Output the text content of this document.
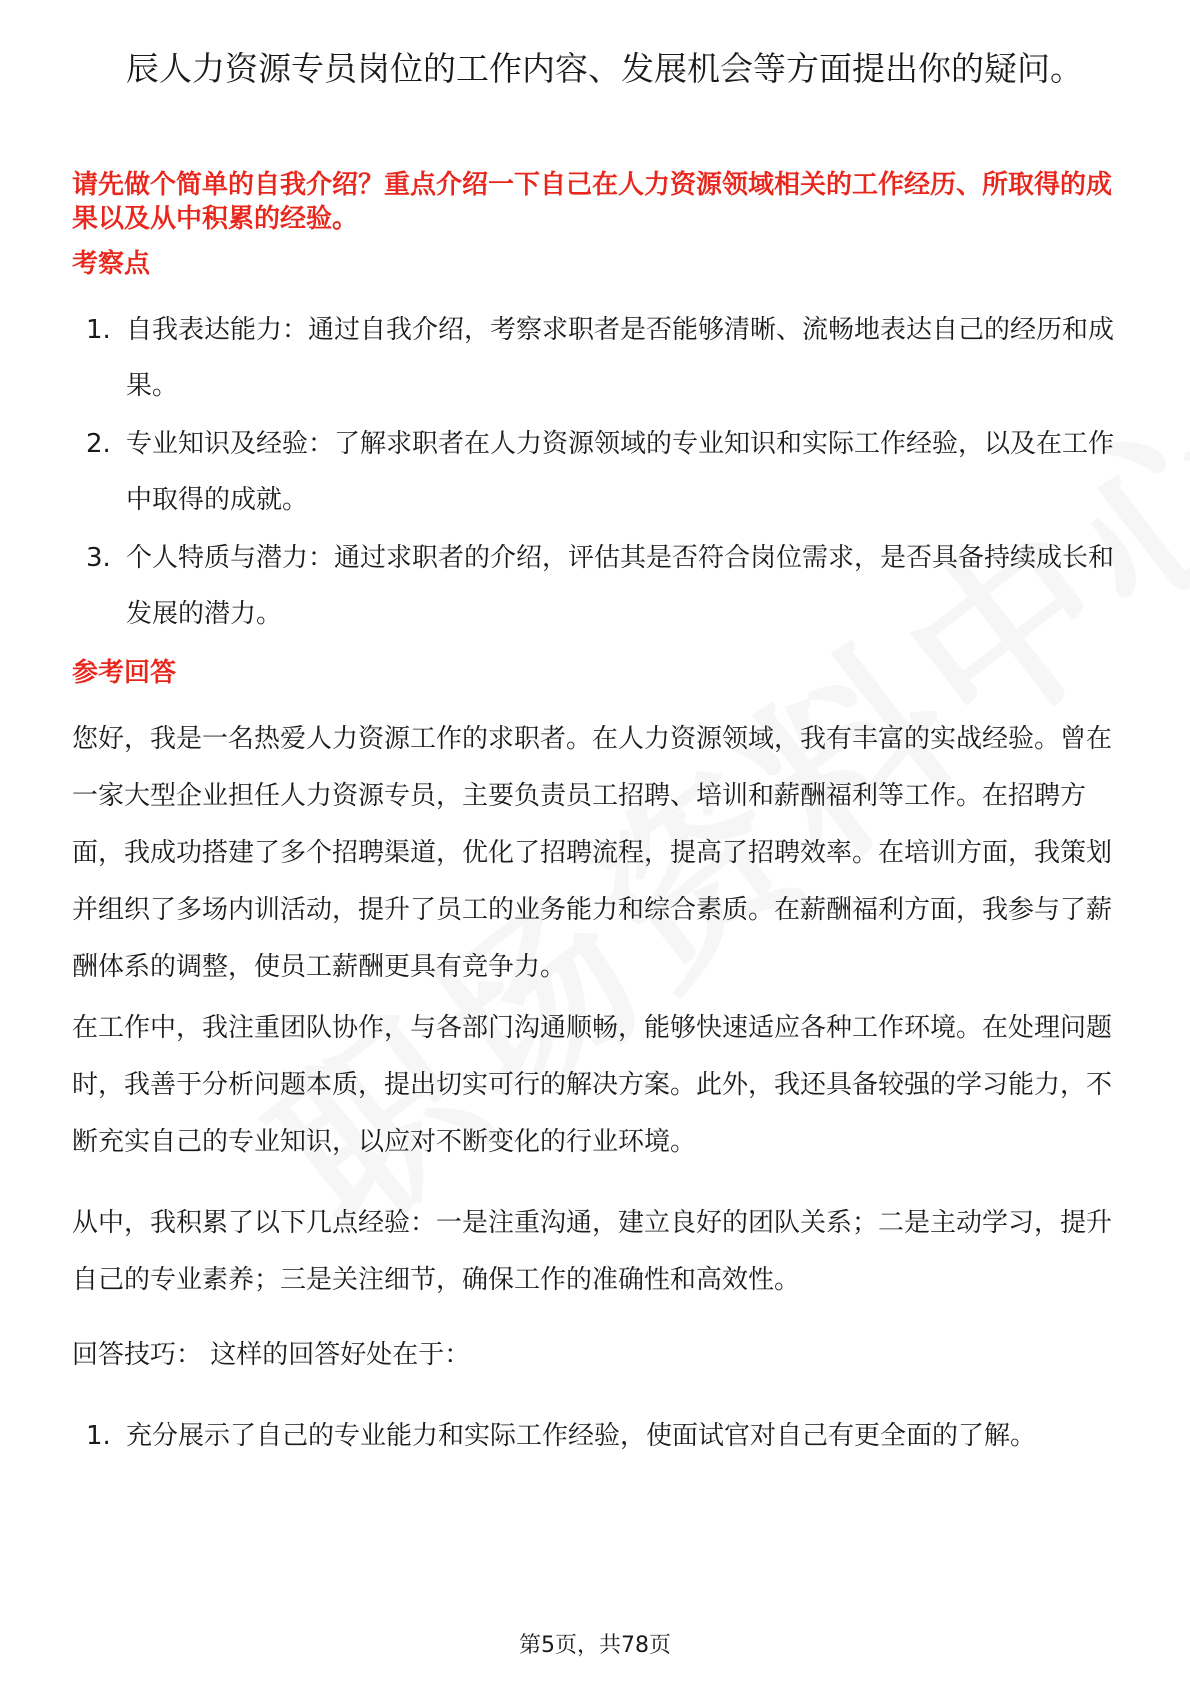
辰人力资源专员岗位的工作内容、发展机会等方面提出你的疑问。

请先做个简单的自我介绍？重点介绍一下自己在人力资源领域相关的工作经历、所取得的成果以及从中积累的经验。
考察点
1. 自我表达能力：通过自我介绍，考察求职者是否能够清晰、流畅地表达自己的经历和成果。
2. 专业知识及经验：了解求职者在人力资源领域的专业知识和实际工作经验，以及在工作中取得的成就。
3. 个人特质与潜力：通过求职者的介绍，评估其是否符合岗位需求，是否具备持续成长和发展的潜力。
参考回答

您好，我是一名热爱人力资源工作的求职者。在人力资源领域，我有丰富的实战经验。曾在一家大型企业担任人力资源专员，主要负责员工招聘、培训和薪酬福利等工作。在招聘方面，我成功搭建了多个招聘渠道，优化了招聘流程，提高了招聘效率。在培训方面，我策划并组织了多场内训活动，提升了员工的业务能力和综合素质。在薪酬福利方面，我参与了薪酬体系的调整，使员工薪酬更具有竞争力。

在工作中，我注重团队协作，与各部门沟通顺畅，能够快速适应各种工作环境。在处理问题时，我善于分析问题本质，提出切实可行的解决方案。此外，我还具备较强的学习能力，不断充实自己的专业知识，以应对不断变化的行业环境。

从中，我积累了以下几点经验：一是注重沟通，建立良好的团队关系；二是主动学习，提升自己的专业素养；三是关注细节，确保工作的准确性和高效性。

回答技巧： 这样的回答好处在于：

1. 充分展示了自己的专业能力和实际工作经验，使面试官对自己有更全面的了解。
第5页，共78页
